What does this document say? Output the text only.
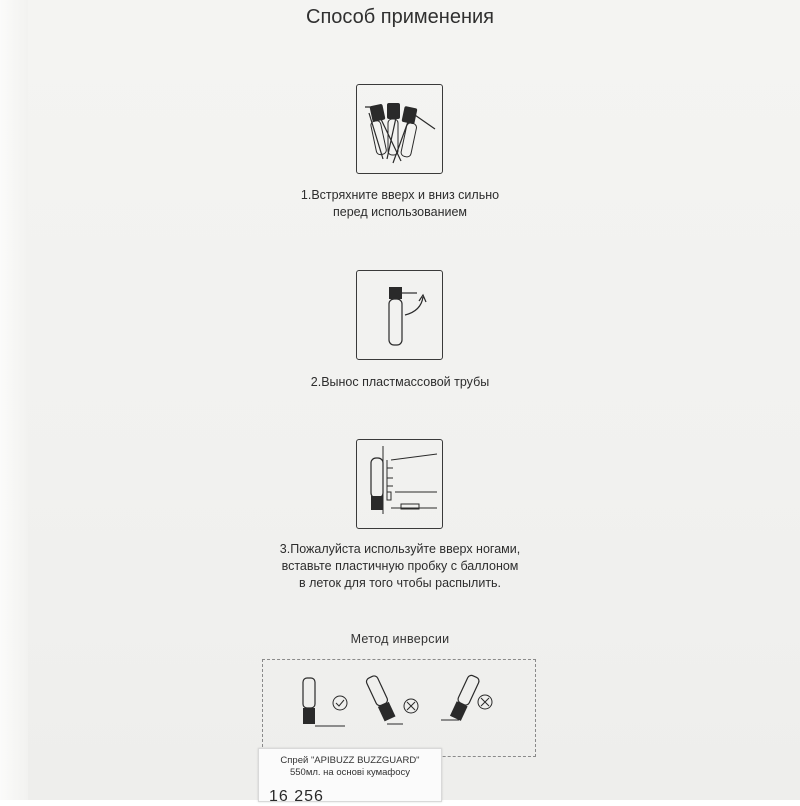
Способ применения
1.Встряхните вверх и вниз сильно
перед использованием
2.Вынос пластмассовой трубы
3.Пожалуйста используйте вверх ногами,
вставьте пластичную пробку с баллоном
в леток для того чтобы распылить.
Метод инверсии
Спрей "APIBUZZ BUZZGUARD"
550мл. на основі кумафосу
16 256
